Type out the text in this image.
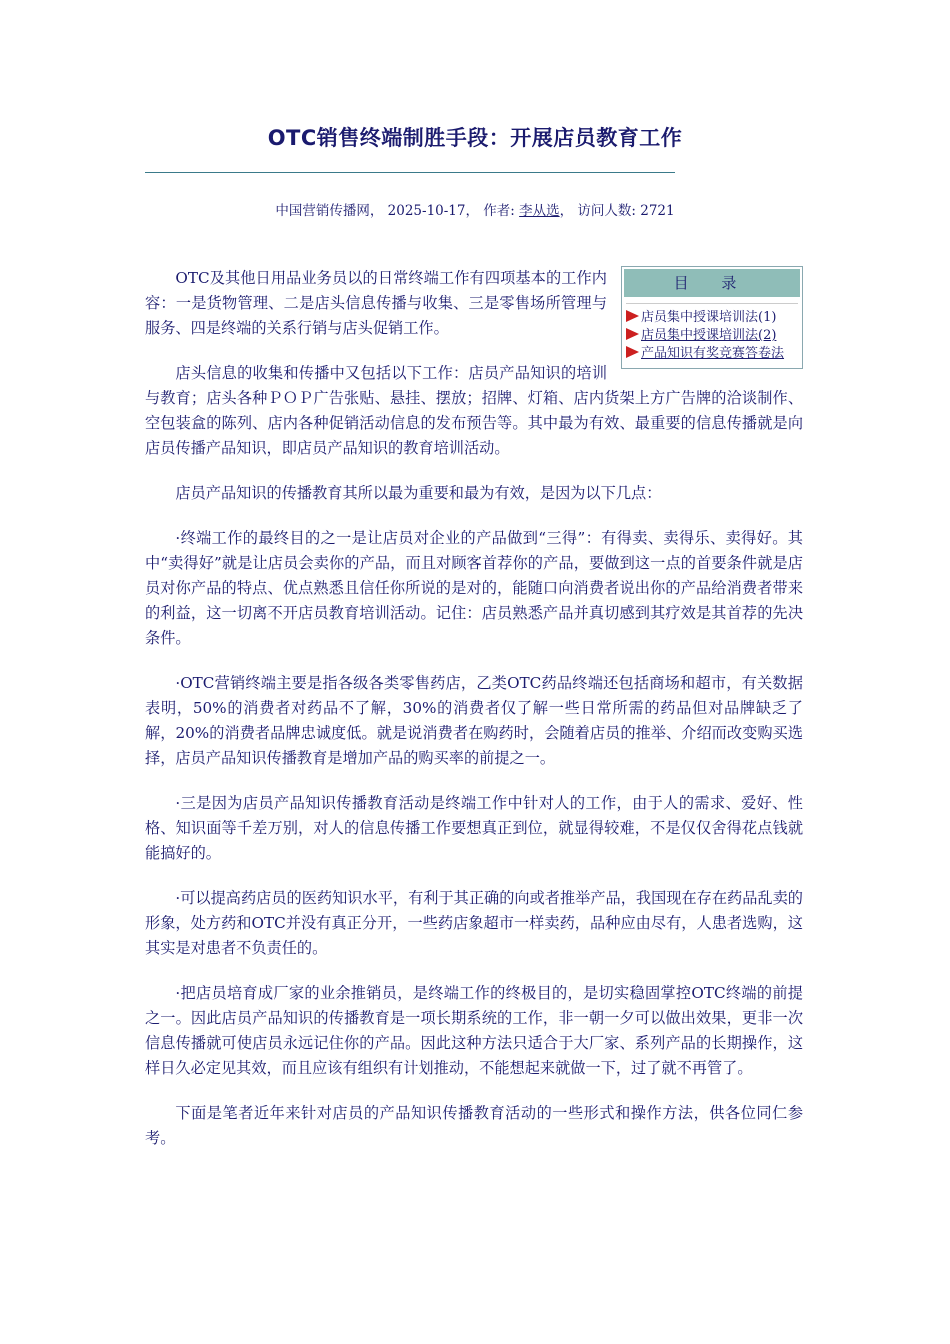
OTC销售终端制胜手段：开展店员教育工作
中国营销传播网， 2025-10-17， 作者: 李从选， 访问人数: 2721
目 录
店员集中授课培训法(1)
店员集中授课培训法(2)
产品知识有奖竞赛答卷法

OTC及其他日用品业务员以的日常终端工作有四项基本的工作内容：一是货物管理、二是店头信息传播与收集、三是零售场所管理与服务、四是终端的关系行销与店头促销工作。

店头信息的收集和传播中又包括以下工作：店员产品知识的培训与教育；店头各种ＰＯＰ广告张贴、悬挂、摆放；招牌、灯箱、店内货架上方广告牌的洽谈制作、空包装盒的陈列、店内各种促销活动信息的发布预告等。其中最为有效、最重要的信息传播就是向店员传播产品知识，即店员产品知识的教育培训活动。

店员产品知识的传播教育其所以最为重要和最为有效，是因为以下几点：

·终端工作的最终目的之一是让店员对企业的产品做到“三得”：有得卖、卖得乐、卖得好。其中“卖得好”就是让店员会卖你的产品，而且对顾客首荐你的产品，要做到这一点的首要条件就是店员对你产品的特点、优点熟悉且信任你所说的是对的，能随口向消费者说出你的产品给消费者带来的利益，这一切离不开店员教育培训活动。记住：店员熟悉产品并真切感到其疗效是其首荐的先决条件。

·OTC营销终端主要是指各级各类零售药店，乙类OTC药品终端还包括商场和超市，有关数据表明，50%的消费者对药品不了解，30%的消费者仅了解一些日常所需的药品但对品牌缺乏了解，20%的消费者品牌忠诚度低。就是说消费者在购药时，会随着店员的推举、介绍而改变购买选择，店员产品知识传播教育是增加产品的购买率的前提之一。

·三是因为店员产品知识传播教育活动是终端工作中针对人的工作，由于人的需求、爱好、性格、知识面等千差万别，对人的信息传播工作要想真正到位，就显得较难，不是仅仅舍得花点钱就能搞好的。

·可以提高药店员的医药知识水平，有利于其正确的向或者推举产品，我国现在存在药品乱卖的形象，处方药和OTC并没有真正分开，一些药店象超市一样卖药，品种应由尽有，人患者选购，这其实是对患者不负责任的。

·把店员培育成厂家的业余推销员，是终端工作的终极目的，是切实稳固掌控OTC终端的前提之一。因此店员产品知识的传播教育是一项长期系统的工作，非一朝一夕可以做出效果，更非一次信息传播就可使店员永远记住你的产品。因此这种方法只适合于大厂家、系列产品的长期操作，这样日久必定见其效，而且应该有组织有计划推动，不能想起来就做一下，过了就不再管了。

下面是笔者近年来针对店员的产品知识传播教育活动的一些形式和操作方法，供各位同仁参考。
